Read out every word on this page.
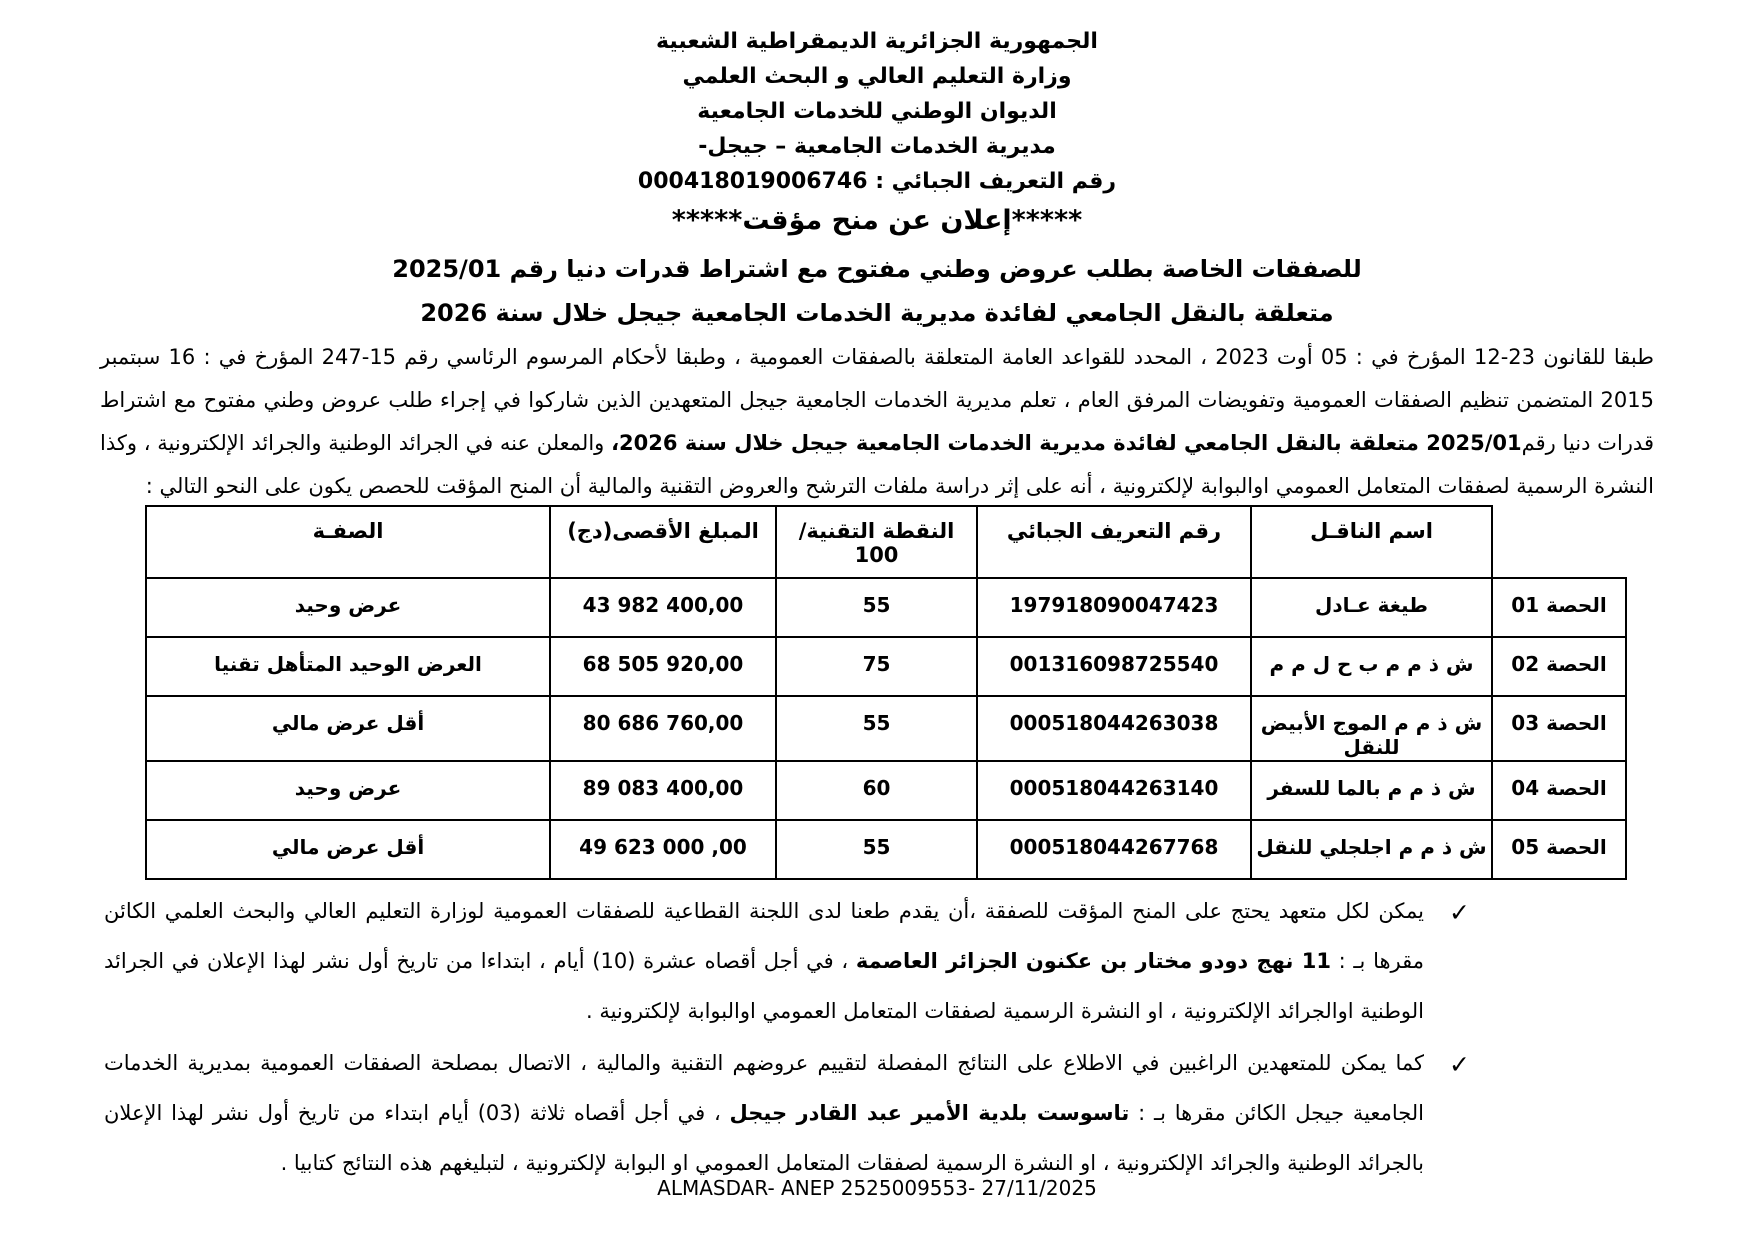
الجمهورية الجزائرية الديمقراطية الشعبية
وزارة التعليم العالي و البحث العلمي
الديوان الوطني للخدمات الجامعية
مديرية الخدمات الجامعية – جيجل-
رقم التعريف الجبائي : 000418019006746
*****إعلان عن منح مؤقت*****
للصفقات الخاصة بطلب عروض وطني مفتوح مع اشتراط قدرات دنيا رقم 2025/01
متعلقة بالنقل الجامعي لفائدة مديرية الخدمات الجامعية جيجل خلال سنة 2026

طبقا للقانون 23-12 المؤرخ في : 05 أوت 2023 ، المحدد للقواعد العامة المتعلقة بالصفقات العمومية ، وطبقا لأحكام المرسوم الرئاسي رقم 15-247 المؤرخ في : 16 سبتمبر 2015 المتضمن تنظيم الصفقات العمومية وتفويضات المرفق العام ، تعلم مديرية الخدمات الجامعية جيجل المتعهدين الذين شاركوا في إجراء طلب عروض وطني مفتوح مع اشتراط قدرات دنيا رقم2025/01 متعلقة بالنقل الجامعي لفائدة مديرية الخدمات الجامعية جيجل خلال سنة 2026، والمعلن عنه في الجرائد الوطنية والجرائد الإلكترونية ، وكذا النشرة الرسمية لصفقات المتعامل العمومي اوالبوابة لإلكترونية ، أنه على إثر دراسة ملفات الترشح والعروض التقنية والمالية أن المنح المؤقت للحصص يكون على النحو التالي :

	اسم الناقـل	رقم التعريف الجبائي	النقطة التقنية/ 100	المبلغ الأقصى(دج)	الصفـة
الحصة 01	طيغة عـادل	197918090047423	55	43 982 400,00	عرض وحيد
الحصة 02	ش ذ م م ب ح ل م م	001316098725540	75	68 505 920,00	العرض الوحيد المتأهل تقنيا
الحصة 03	ش ذ م م الموج الأبيض للنقل	000518044263038	55	80 686 760,00	أقل عرض مالي
الحصة 04	ش ذ م م بالما للسفر	000518044263140	60	89 083 400,00	عرض وحيد
الحصة 05	ش ذ م م اجلجلي للنقل	000518044267768	55	49 623 000 ,00	أقل عرض مالي
✓
يمكن لكل متعهد يحتج على المنح المؤقت للصفقة ،أن يقدم طعنا لدى اللجنة القطاعية للصفقات العمومية لوزارة التعليم العالي والبحث العلمي الكائن مقرها بـ : 11 نهج دودو مختار بن عكنون الجزائر العاصمة ، في أجل أقصاه عشرة (10) أيام ، ابتداءا من تاريخ أول نشر لهذا الإعلان في الجرائد الوطنية اوالجرائد الإلكترونية ، او النشرة الرسمية لصفقات المتعامل العمومي اوالبوابة لإلكترونية .
✓
كما يمكن للمتعهدين الراغبين في الاطلاع على النتائج المفصلة لتقييم عروضهم التقنية والمالية ، الاتصال بمصلحة الصفقات العمومية بمديرية الخدمات الجامعية جيجل الكائن مقرها بـ : تاسوست بلدية الأمير عبد القادر جيجل ، في أجل أقصاه ثلاثة (03) أيام ابتداء من تاريخ أول نشر لهذا الإعلان بالجرائد الوطنية والجرائد الإلكترونية ، او النشرة الرسمية لصفقات المتعامل العمومي او البوابة لإلكترونية ، لتبليغهم هذه النتائج كتابيا .
ALMASDAR- ANEP 2525009553- 27/11/2025
